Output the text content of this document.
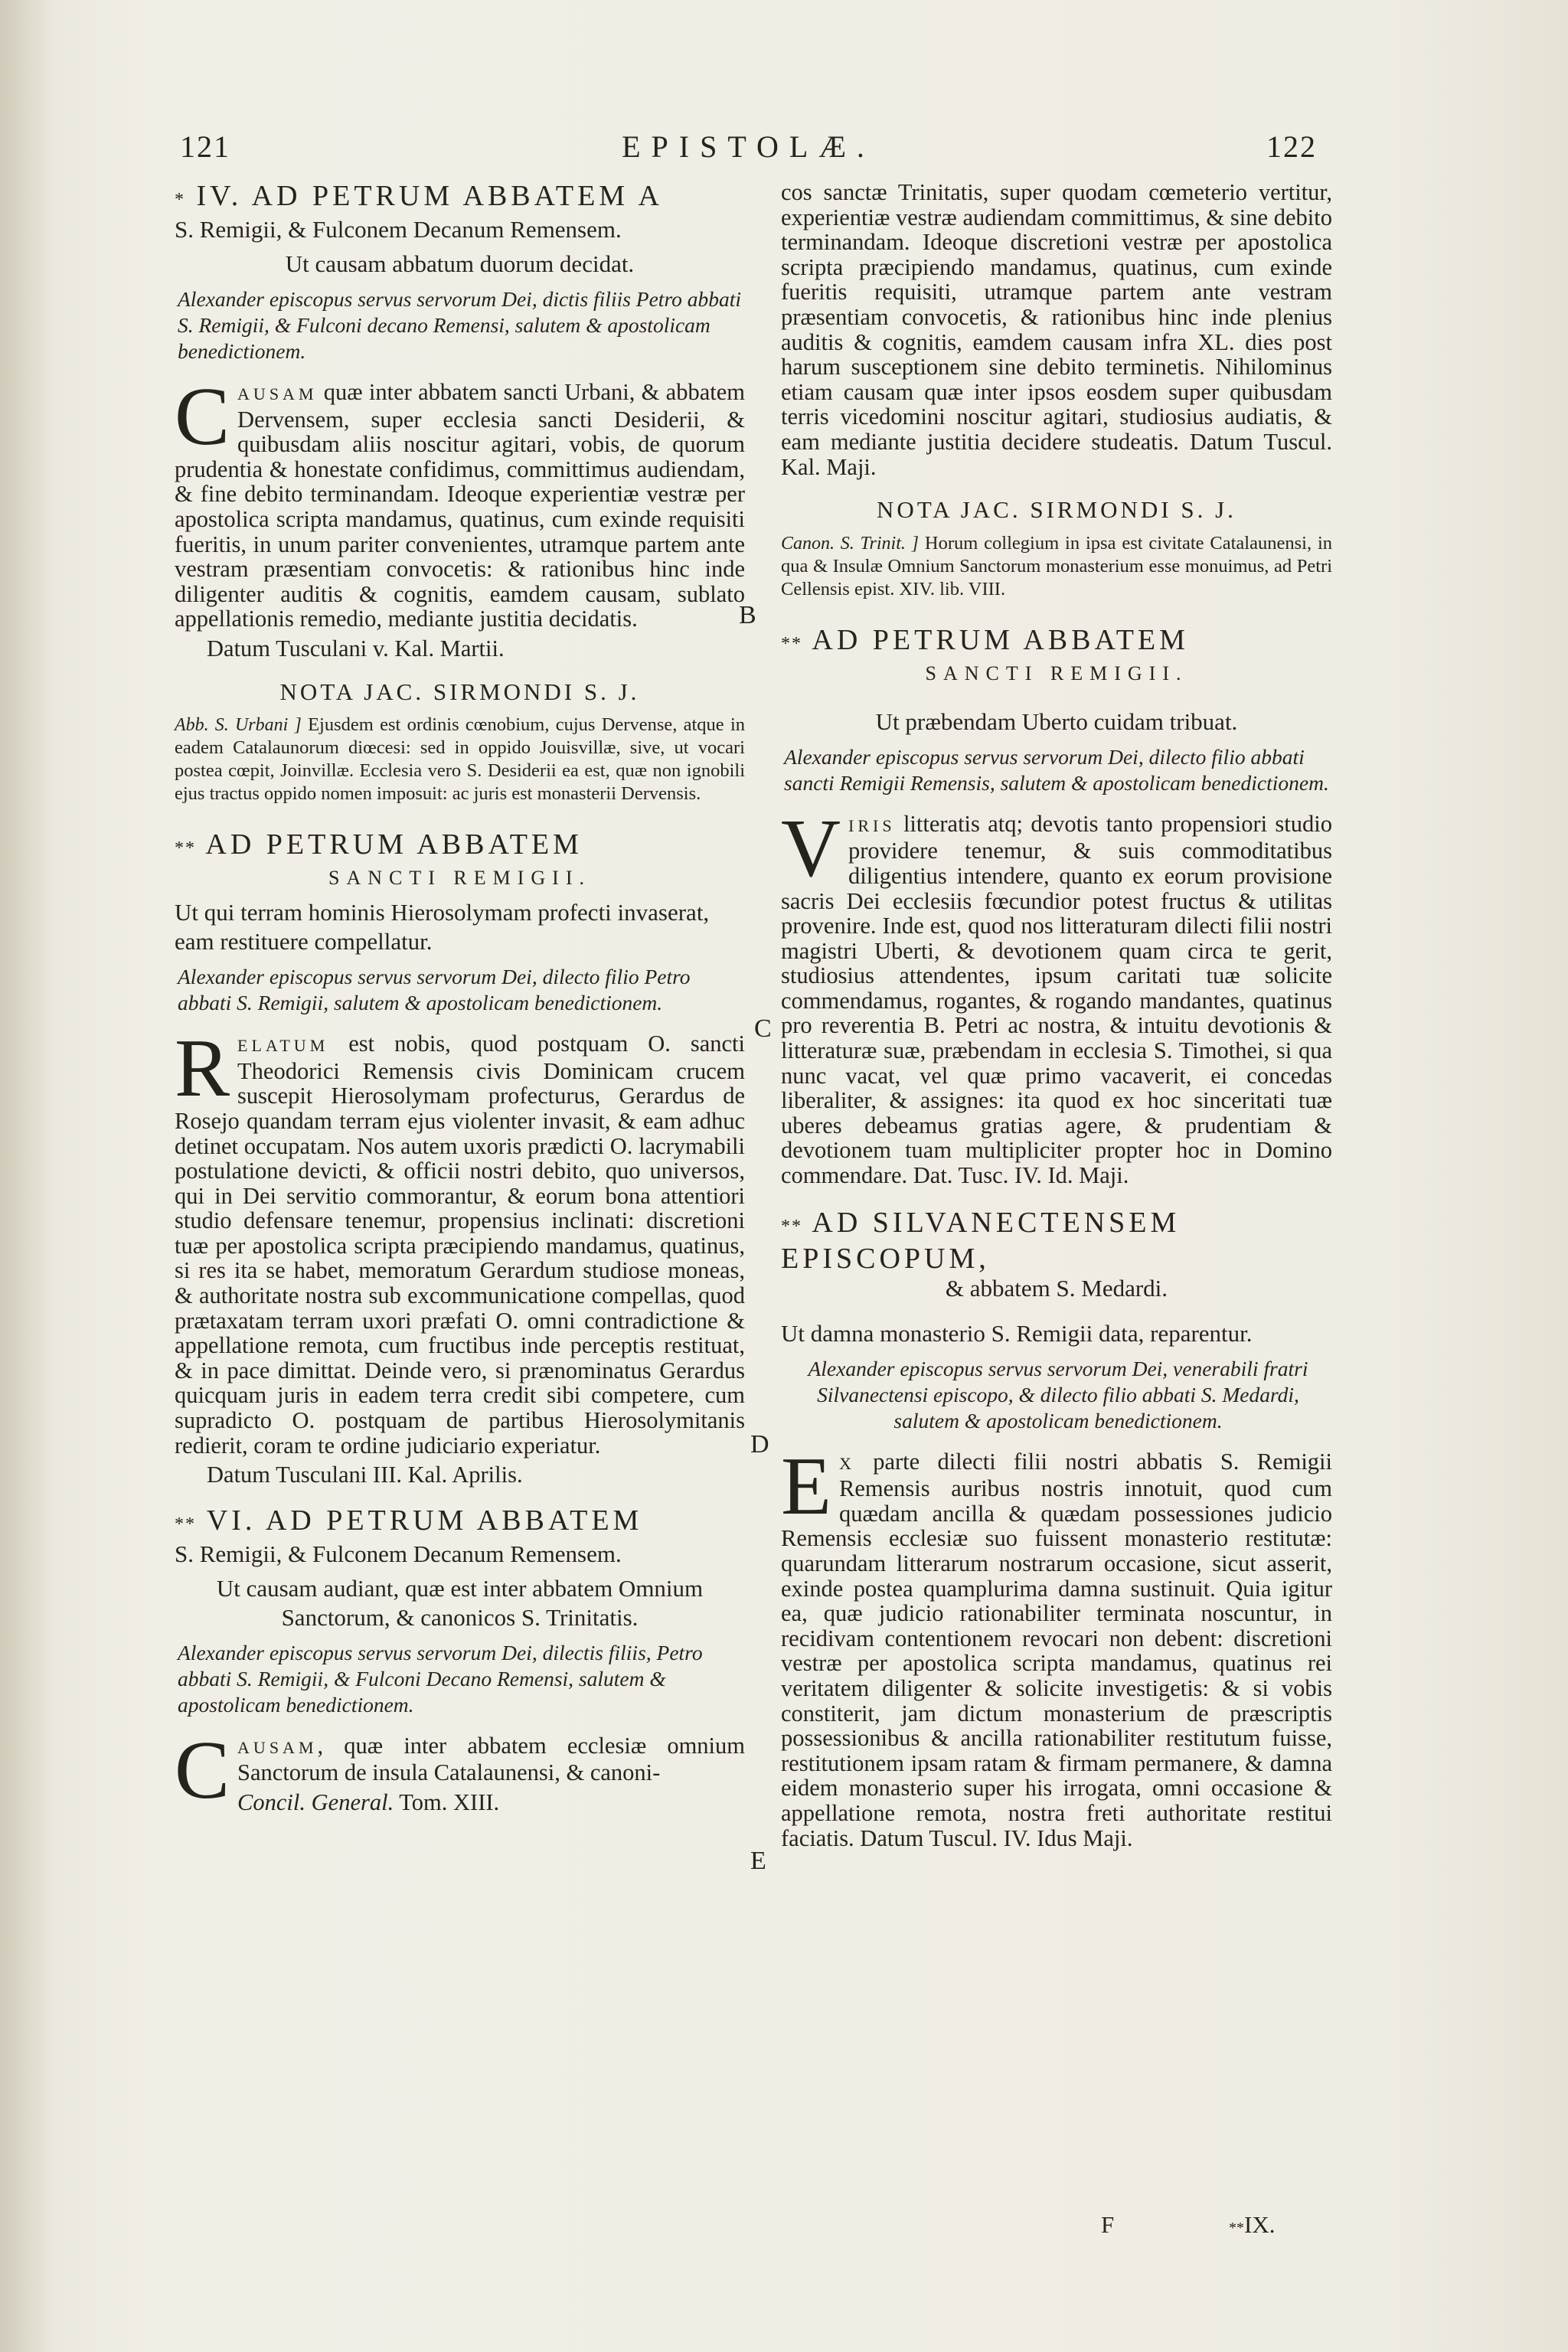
121	EPISTOLÆ.	122
* IV. AD PETRUM ABBATEM A
S. Remigii, & Fulconem Decanum Remensem.
Ut causam abbatum duorum decidat.
Alexander episcopus servus servorum Dei, dictis filiis Petro abbati S. Remigii, & Fulconi decano Remensi, salutem & apostolicam benedictionem.

CAUSAM quæ inter abbatem sancti Urbani, & abbatem Dervensem, super ecclesia sancti Desiderii, & quibusdam aliis noscitur agitari, vobis, de quorum prudentia & honestate confidimus, committimus audiendam, & fine debito terminandam. Ideoque experientiæ vestræ per apostolica scripta mandamus, quatinus, cum exinde requisiti fueritis, in unum pariter convenientes, utramque partem ante vestram præsentiam convocetis: & rationibus hinc inde diligenter auditis & cognitis, eamdem causam, sublato appellationis remedio, mediante justitia decidatis.

Datum Tusculani v. Kal. Martii.
NOTA JAC. SIRMONDI S. J.
Abb. S. Urbani ] Ejusdem est ordinis cœnobium, cujus Dervense, atque in eadem Catalaunorum diœcesi: sed in oppido Jouisvillæ, sive, ut vocari postea cœpit, Joinvillæ. Ecclesia vero S. Desiderii ea est, quæ non ignobili ejus tractus oppido nomen imposuit: ac juris est monasterii Dervensis.
** AD PETRUM ABBATEM
SANCTI REMIGII.
Ut qui terram hominis Hierosolymam profecti invaserat, eam restituere compellatur.
Alexander episcopus servus servorum Dei, dilecto filio Petro abbati S. Remigii, salutem & apostolicam benedictionem.

RELATUM est nobis, quod postquam O. sancti Theodorici Remensis civis Dominicam crucem suscepit Hierosolymam profecturus, Gerardus de Rosejo quandam terram ejus violenter invasit, & eam adhuc detinet occupatam. Nos autem uxoris prædicti O. lacrymabili postulatione devicti, & officii nostri debito, quo universos, qui in Dei servitio commorantur, & eorum bona attentiori studio defensare tenemur, propensius inclinati: discretioni tuæ per apostolica scripta præcipiendo mandamus, quatinus, si res ita se habet, memoratum Gerardum studiose moneas, & authoritate nostra sub excommunicatione compellas, quod prætaxatam terram uxori præfati O. omni contradictione & appellatione remota, cum fructibus inde perceptis restituat, & in pace dimittat. Deinde vero, si prænominatus Gerardus quicquam juris in eadem terra credit sibi competere, cum supradicto O. postquam de partibus Hierosolymitanis redierit, coram te ordine judiciario experiatur.

Datum Tusculani III. Kal. Aprilis.
** VI. AD PETRUM ABBATEM
S. Remigii, & Fulconem Decanum Remensem.
Ut causam audiant, quæ est inter abbatem Omnium Sanctorum, & canonicos S. Trinitatis.
Alexander episcopus servus servorum Dei, dilectis filiis, Petro abbati S. Remigii, & Fulconi Decano Remensi, salutem & apostolicam benedictionem.

CAUSAM, quæ inter abbatem ecclesiæ omnium Sanctorum de insula Catalaunensi, & canoni-

Concil. General. Tom. XIII.
B
C
D
E

cos sanctæ Trinitatis, super quodam cœmeterio vertitur, experientiæ vestræ audiendam committimus, & sine debito terminandam. Ideoque discretioni vestræ per apostolica scripta præcipiendo mandamus, quatinus, cum exinde fueritis requisiti, utramque partem ante vestram præsentiam convocetis, & rationibus hinc inde plenius auditis & cognitis, eamdem causam infra XL. dies post harum susceptionem sine debito terminetis. Nihilominus etiam causam quæ inter ipsos eosdem super quibusdam terris vicedomini noscitur agitari, studiosius audiatis, & eam mediante justitia decidere studeatis. Datum Tuscul. Kal. Maji.

NOTA JAC. SIRMONDI S. J.
Canon. S. Trinit. ] Horum collegium in ipsa est civitate Catalaunensi, in qua & Insulæ Omnium Sanctorum monasterium esse monuimus, ad Petri Cellensis epist. XIV. lib. VIII.
** AD PETRUM ABBATEM
SANCTI REMIGII.
Ut præbendam Uberto cuidam tribuat.
Alexander episcopus servus servorum Dei, dilecto filio abbati sancti Remigii Remensis, salutem & apostolicam benedictionem.

VIRIS litteratis atq; devotis tanto propensiori studio providere tenemur, & suis commoditatibus diligentius intendere, quanto ex eorum provisione sacris Dei ecclesiis fœcundior potest fructus & utilitas provenire. Inde est, quod nos litteraturam dilecti filii nostri magistri Uberti, & devotionem quam circa te gerit, studiosius attendentes, ipsum caritati tuæ solicite commendamus, rogantes, & rogando mandantes, quatinus pro reverentia B. Petri ac nostra, & intuitu devotionis & litteraturæ suæ, præbendam in ecclesia S. Timothei, si qua nunc vacat, vel quæ primo vacaverit, ei concedas liberaliter, & assignes: ita quod ex hoc sinceritati tuæ uberes debeamus gratias agere, & prudentiam & devotionem tuam multipliciter propter hoc in Domino commendare. Dat. Tusc. IV. Id. Maji.

** AD SILVANECTENSEM EPISCOPUM,
& abbatem S. Medardi.
Ut damna monasterio S. Remigii data, reparentur.
Alexander episcopus servus servorum Dei, venerabili fratri Silvanectensi episcopo, & dilecto filio abbati S. Medardi, salutem & apostolicam benedictionem.

E X parte dilecti filii nostri abbatis S. Remigii Remensis auribus nostris innotuit, quod cum quædam ancilla & quædam possessiones judicio Remensis ecclesiæ suo fuissent monasterio restitutæ: quarundam litterarum nostrarum occasione, sicut asserit, exinde postea quamplurima damna sustinuit. Quia igitur ea, quæ judicio rationabiliter terminata noscuntur, in recidivam contentionem revocari non debent: discretioni vestræ per apostolica scripta mandamus, quatinus rei veritatem diligenter & solicite investigetis: & si vobis constiterit, jam dictum monasterium de præscriptis possessionibus & ancilla rationabiliter restitutum fuisse, restitutionem ipsam ratam & firmam permanere, & damna eidem monasterio super his irrogata, omni occasione & appellatione remota, nostra freti authoritate restitui faciatis. Datum Tuscul. IV. Idus Maji.

F	**IX.
